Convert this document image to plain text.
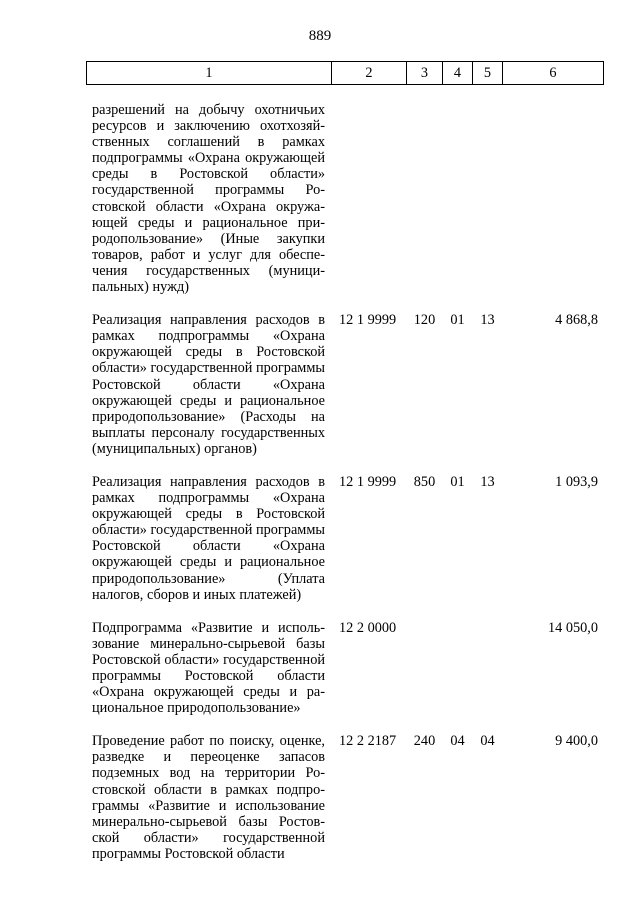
889
1	2	3	4	5	6

разрешений на добычу охотничьих ресурсов и заключению охотхозяйственных соглашений в рамках подпрограммы «Охрана окружающей среды в Ростовской области» государственной программы Ростовской области «Охрана окружающей среды и рациональное природопользование» (Иные закупки товаров, работ и услуг для обеспечения государственных (муниципальных) нужд)					

Реализация направления расходов в рамках подпрограммы «Охрана окружающей среды в Ростовской области» государственной программы Ростовской области «Охрана окружающей среды и рациональное природопользование» (Расходы на выплаты персоналу государственных (муниципальных) органов)	12 1 9999	120	01	13	4 868,8

Реализация направления расходов в рамках подпрограммы «Охрана окружающей среды в Ростовской области» государственной программы Ростовской области «Охрана окружающей среды и рациональное природопользование» (Уплата налогов, сборов и иных платежей)	12 1 9999	850	01	13	1 093,9

Подпрограмма «Развитие и использование минерально-сырьевой базы Ростовской области» государственной программы Ростовской области «Охрана окружающей среды и рациональное природопользование»	12 2 0000				14 050,0

Проведение работ по поиску, оценке, разведке и переоценке запасов подземных вод на территории Ростовской области в рамках подпрограммы «Развитие и использование минерально-сырьевой базы Ростовской области» государственной программы Ростовской области	12 2 2187	240	04	04	9 400,0
